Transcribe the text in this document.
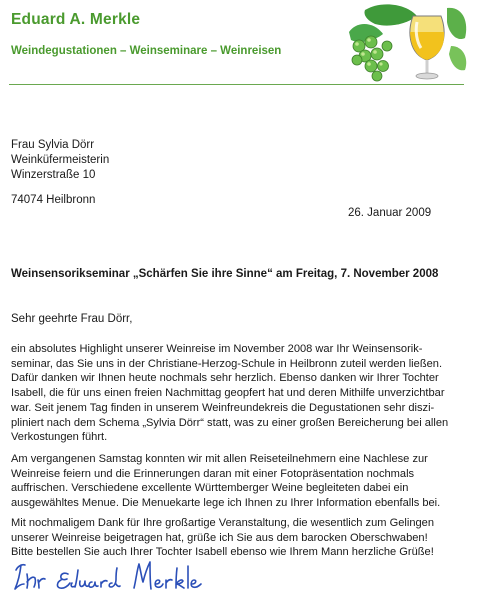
Eduard A. Merkle
Weindegustationen – Weinseminare – Weinreisen
Frau Sylvia Dörr
Weinküfermeisterin
Winzerstraße 10
74074 Heilbronn
26. Januar 2009
Weinsensorikseminar „Schärfen Sie ihre Sinne“ am Freitag, 7. November 2008
Sehr geehrte Frau Dörr,
ein absolutes Highlight unserer Weinreise im November 2008 war Ihr Weinsensorik-
seminar, das Sie uns in der Christiane-Herzog-Schule in Heilbronn zuteil werden ließen.
Dafür danken wir Ihnen heute nochmals sehr herzlich. Ebenso danken wir Ihrer Tochter
Isabell, die für uns einen freien Nachmittag geopfert hat und deren Mithilfe unverzichtbar
war. Seit jenem Tag finden in unserem Weinfreundekreis die Degustationen sehr diszi-
pliniert nach dem Schema „Sylvia Dörr“ statt, was zu einer großen Bereicherung bei allen
Verkostungen führt.
Am vergangenen Samstag konnten wir mit allen Reiseteilnehmern eine Nachlese zur
Weinreise feiern und die Erinnerungen daran mit einer Fotopräsentation nochmals
auffrischen. Verschiedene excellente Württemberger Weine begleiteten dabei ein
ausgewähltes Menue. Die Menuekarte lege ich Ihnen zu Ihrer Information ebenfalls bei.
Mit nochmaligem Dank für Ihre großartige Veranstaltung, die wesentlich zum Gelingen
unserer Weinreise beigetragen hat, grüße ich Sie aus dem barocken Oberschwaben!
Bitte bestellen Sie auch Ihrer Tochter Isabell ebenso wie Ihrem Mann herzliche Grüße!
